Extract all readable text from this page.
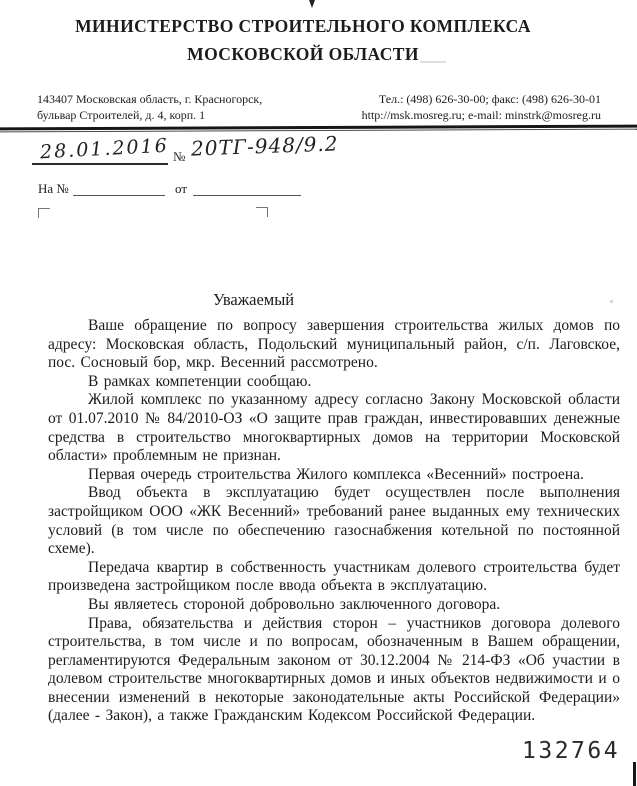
МИНИСТЕРСТВО СТРОИТЕЛЬНОГО КОМПЛЕКСА
МОСКОВСКОЙ ОБЛАСТИ
143407 Московская область, г. Красногорск,
бульвар Строителей, д. 4, корп. 1
Тел.: (498) 626-30-00; факс: (498) 626-30-01
http://msk.mosreg.ru; e-mail: minstrk@mosreg.ru
28.01.2016 № 20ТГ-948/9.2
На №	от
Уважаемый

Ваше обращение по вопросу завершения строительства жилых домов по адресу: Московская область, Подольский муниципальный район, с/п. Лаговское, пос. Сосновый бор, мкр. Весенний рассмотрено.

В рамках компетенции сообщаю.

Жилой комплекс по указанному адресу согласно Закону Московской области от 01.07.2010 № 84/2010-ОЗ «О защите прав граждан, инвестировавших денежные средства в строительство многоквартирных домов на территории Московской области» проблемным не признан.

Первая очередь строительства Жилого комплекса «Весенний» построена.

Ввод объекта в эксплуатацию будет осуществлен после выполнения застройщиком ООО «ЖК Весенний» требований ранее выданных ему технических условий (в том числе по обеспечению газоснабжения котельной по постоянной схеме).

Передача квартир в собственность участникам долевого строительства будет произведена застройщиком после ввода объекта в эксплуатацию.

Вы являетесь стороной добровольно заключенного договора.

Права, обязательства и действия сторон – участников договора долевого строительства, в том числе и по вопросам, обозначенным в Вашем обращении, регламентируются Федеральным законом от 30.12.2004 № 214-ФЗ «Об участии в долевом строительстве многоквартирных домов и иных объектов недвижимости и о внесении изменений в некоторые законодательные акты Российской Федерации» (далее - Закон), а также Гражданским Кодексом Российской Федерации.

132764
